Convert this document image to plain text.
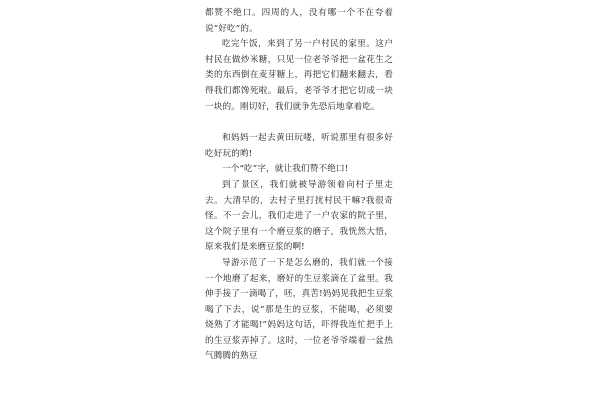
都赞不绝口。四周的人，没有哪一个不在夸着说“好吃”的。

吃完午饭，来到了另一户村民的家里。这户村民在做炒米糖，只见一位老爷爷把一盆花生之类的东西倒在麦芽糖上，再把它们翻来翻去，看得我们都馋死啦。最后，老爷爷才把它切成一块一块的。刚切好，我们就争先恐后地拿着吃。

和妈妈一起去黄田玩喽，听说那里有很多好吃好玩的哟!

一个“吃”字，就让我们赞不绝口!

到了景区，我们就被导游领着向村子里走去。大清早的，去村子里打扰村民干嘛?我很奇怪。不一会儿，我们走进了一户农家的院子里，这个院子里有一个磨豆浆的磨子，我恍然大悟，原来我们是来磨豆浆的啊!

导游示范了一下是怎么磨的，我们就一个接一个地磨了起来，磨好的生豆浆滴在了盆里。我伸手接了一滴喝了，呸，真苦!妈妈见我把生豆浆喝了下去，说“那是生的豆浆，不能喝，必须要烧熟了才能喝!”妈妈这句话，吓得我连忙把手上的生豆浆弄掉了。这时，一位老爷爷端着一盆热气腾腾的熟豆
